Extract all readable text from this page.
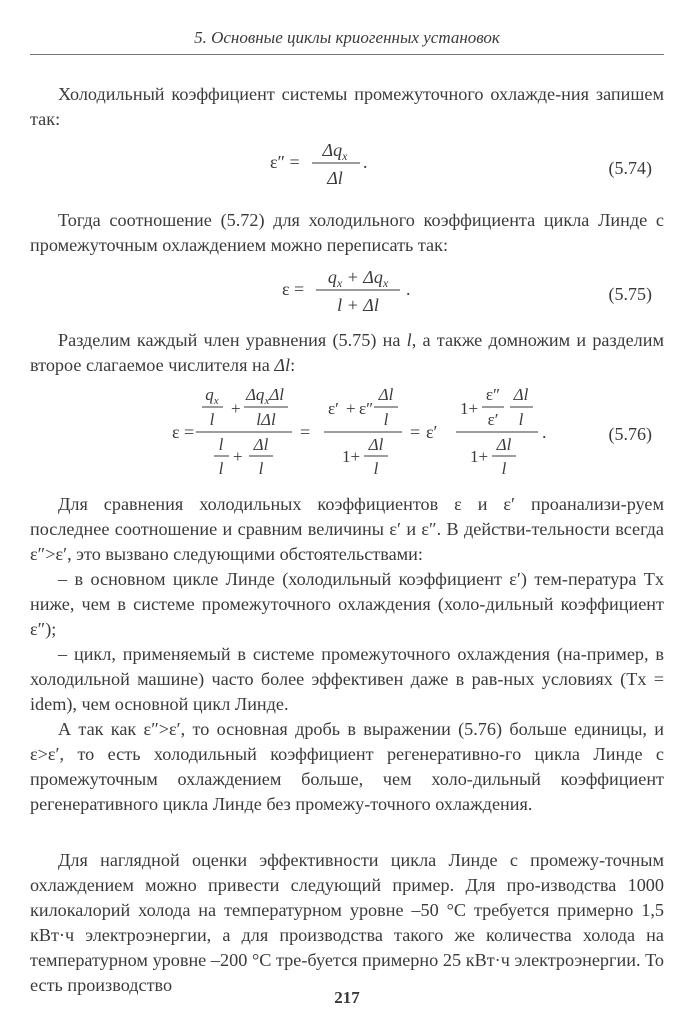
5. Основные циклы криогенных установок

Холодильный коэффициент системы промежуточного охлажде-ния запишем так:

ε″ =
$\Delta q_x$
Δl
.	(5.74)

Тогда соотношение (5.72) для холодильного коэффициента цикла Линде с промежуточным охлаждением можно переписать так:

ε =
$q_x + \Delta q_x$
l + Δl
.	(5.75)

Разделим каждый член уравнения (5.75) на l, а также домножим и разделим второе слагаемое числителя на Δl:

ε =
$q_x$
l
+
$\Delta q_x\Delta l$
lΔl
l
l
+
Δl
l
=
ε′ + ε″
Δl
l
1+
Δl
l
= ε′
1+
ε″
ε′
Δl
l
1+
Δl
l
.	(5.76)

Для сравнения холодильных коэффициентов ε и ε′ проанализи-руем последнее соотношение и сравним величины ε′ и ε″. В действи-тельности всегда ε″>ε′, это вызвано следующими обстоятельствами:

– в основном цикле Линде (холодильный коэффициент ε′) тем-пература Tx ниже, чем в системе промежуточного охлаждения (холо-дильный коэффициент ε″);

– цикл, применяемый в системе промежуточного охлаждения (на-пример, в холодильной машине) часто более эффективен даже в рав-ных условиях (Tx = idem), чем основной цикл Линде.

А так как ε″>ε′, то основная дробь в выражении (5.76) больше единицы, и ε>ε′, то есть холодильный коэффициент регенеративно-го цикла Линде с промежуточным охлаждением больше, чем холо-дильный коэффициент регенеративного цикла Линде без промежу-точного охлаждения.

Для наглядной оценки эффективности цикла Линде с промежу-точным охлаждением можно привести следующий пример. Для про-изводства 1000 килокалорий холода на температурном уровне –50 °С требуется примерно 1,5 кВт·ч электроэнергии, а для производства такого же количества холода на температурном уровне –200 °С тре-буется примерно 25 кВт·ч электроэнергии. То есть производство

217
